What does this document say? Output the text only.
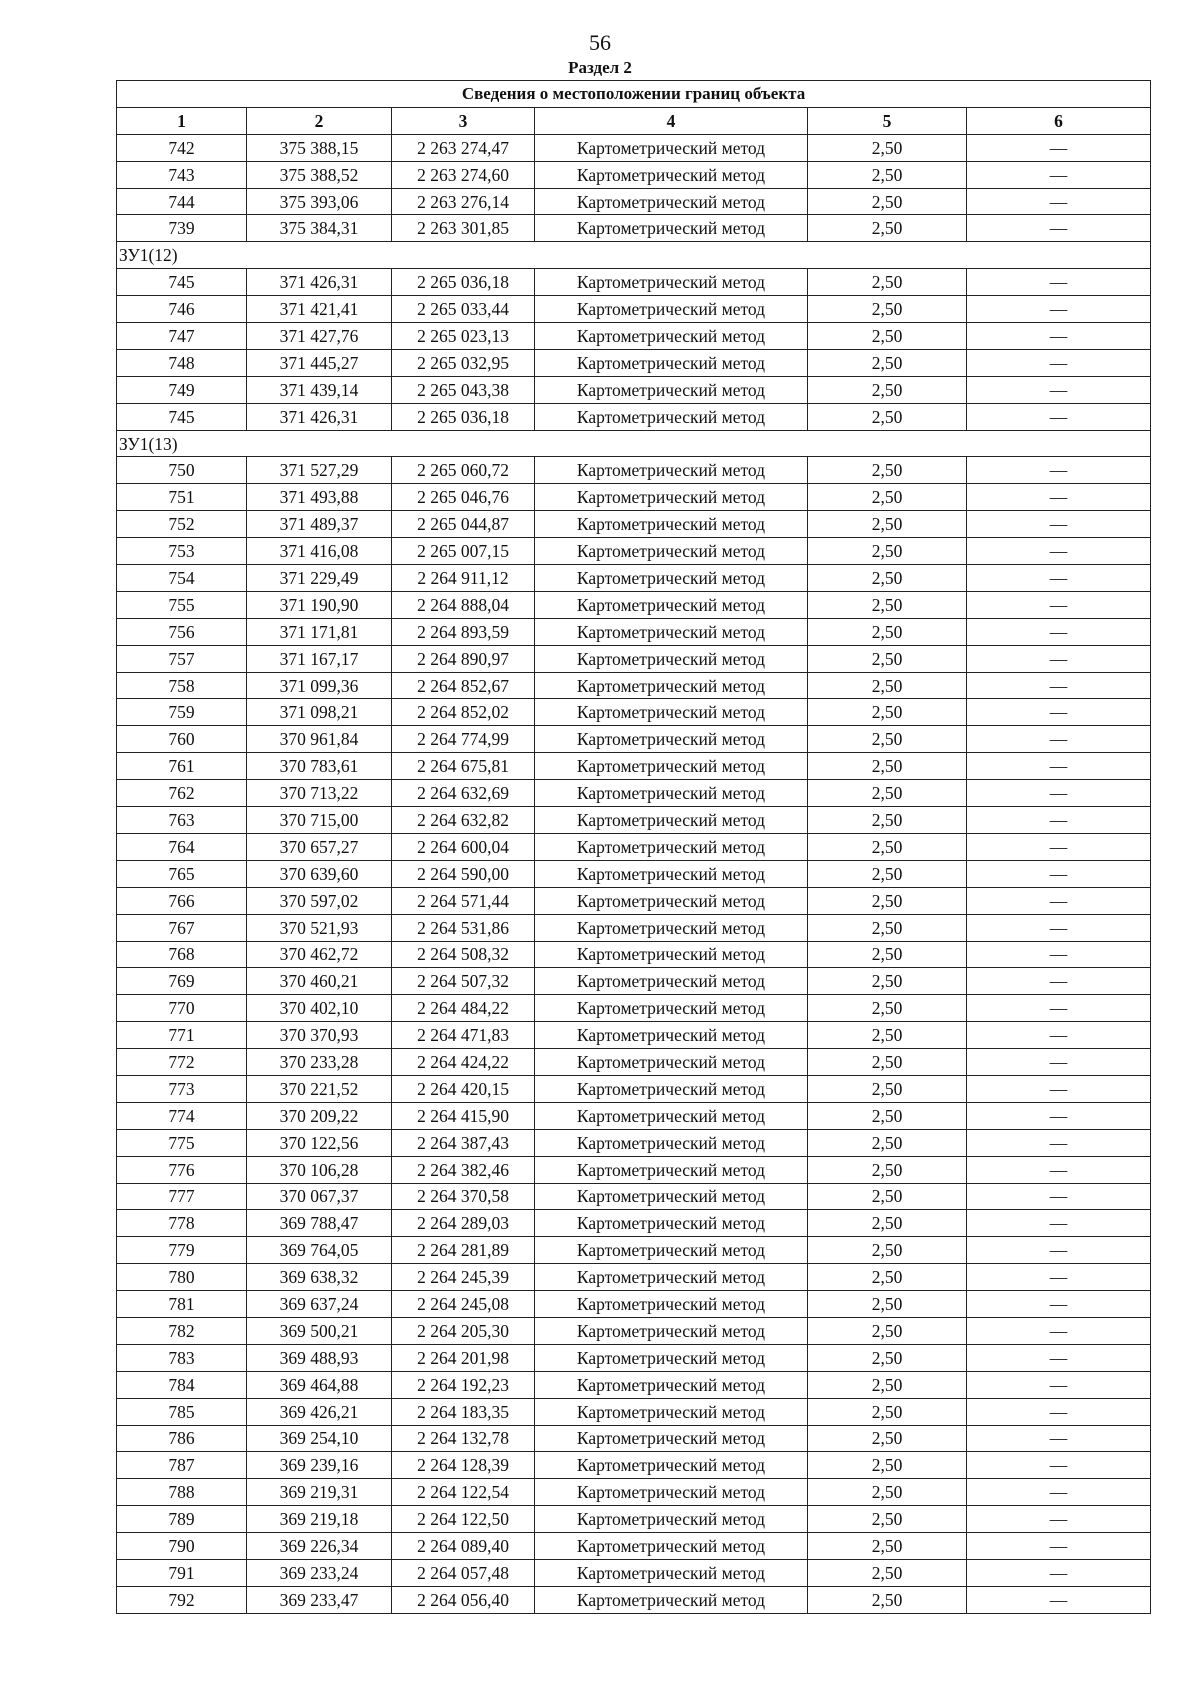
56
Раздел 2
Сведения о местоположении границ объекта					
1	2	3	4	5	6
742	375 388,15	2 263 274,47	Картометрический метод	2,50	—
743	375 388,52	2 263 274,60	Картометрический метод	2,50	—
744	375 393,06	2 263 276,14	Картометрический метод	2,50	—
739	375 384,31	2 263 301,85	Картометрический метод	2,50	—
ЗУ1(12)					
745	371 426,31	2 265 036,18	Картометрический метод	2,50	—
746	371 421,41	2 265 033,44	Картометрический метод	2,50	—
747	371 427,76	2 265 023,13	Картометрический метод	2,50	—
748	371 445,27	2 265 032,95	Картометрический метод	2,50	—
749	371 439,14	2 265 043,38	Картометрический метод	2,50	—
745	371 426,31	2 265 036,18	Картометрический метод	2,50	—
ЗУ1(13)					
750	371 527,29	2 265 060,72	Картометрический метод	2,50	—
751	371 493,88	2 265 046,76	Картометрический метод	2,50	—
752	371 489,37	2 265 044,87	Картометрический метод	2,50	—
753	371 416,08	2 265 007,15	Картометрический метод	2,50	—
754	371 229,49	2 264 911,12	Картометрический метод	2,50	—
755	371 190,90	2 264 888,04	Картометрический метод	2,50	—
756	371 171,81	2 264 893,59	Картометрический метод	2,50	—
757	371 167,17	2 264 890,97	Картометрический метод	2,50	—
758	371 099,36	2 264 852,67	Картометрический метод	2,50	—
759	371 098,21	2 264 852,02	Картометрический метод	2,50	—
760	370 961,84	2 264 774,99	Картометрический метод	2,50	—
761	370 783,61	2 264 675,81	Картометрический метод	2,50	—
762	370 713,22	2 264 632,69	Картометрический метод	2,50	—
763	370 715,00	2 264 632,82	Картометрический метод	2,50	—
764	370 657,27	2 264 600,04	Картометрический метод	2,50	—
765	370 639,60	2 264 590,00	Картометрический метод	2,50	—
766	370 597,02	2 264 571,44	Картометрический метод	2,50	—
767	370 521,93	2 264 531,86	Картометрический метод	2,50	—
768	370 462,72	2 264 508,32	Картометрический метод	2,50	—
769	370 460,21	2 264 507,32	Картометрический метод	2,50	—
770	370 402,10	2 264 484,22	Картометрический метод	2,50	—
771	370 370,93	2 264 471,83	Картометрический метод	2,50	—
772	370 233,28	2 264 424,22	Картометрический метод	2,50	—
773	370 221,52	2 264 420,15	Картометрический метод	2,50	—
774	370 209,22	2 264 415,90	Картометрический метод	2,50	—
775	370 122,56	2 264 387,43	Картометрический метод	2,50	—
776	370 106,28	2 264 382,46	Картометрический метод	2,50	—
777	370 067,37	2 264 370,58	Картометрический метод	2,50	—
778	369 788,47	2 264 289,03	Картометрический метод	2,50	—
779	369 764,05	2 264 281,89	Картометрический метод	2,50	—
780	369 638,32	2 264 245,39	Картометрический метод	2,50	—
781	369 637,24	2 264 245,08	Картометрический метод	2,50	—
782	369 500,21	2 264 205,30	Картометрический метод	2,50	—
783	369 488,93	2 264 201,98	Картометрический метод	2,50	—
784	369 464,88	2 264 192,23	Картометрический метод	2,50	—
785	369 426,21	2 264 183,35	Картометрический метод	2,50	—
786	369 254,10	2 264 132,78	Картометрический метод	2,50	—
787	369 239,16	2 264 128,39	Картометрический метод	2,50	—
788	369 219,31	2 264 122,54	Картометрический метод	2,50	—
789	369 219,18	2 264 122,50	Картометрический метод	2,50	—
790	369 226,34	2 264 089,40	Картометрический метод	2,50	—
791	369 233,24	2 264 057,48	Картометрический метод	2,50	—
792	369 233,47	2 264 056,40	Картометрический метод	2,50	—
